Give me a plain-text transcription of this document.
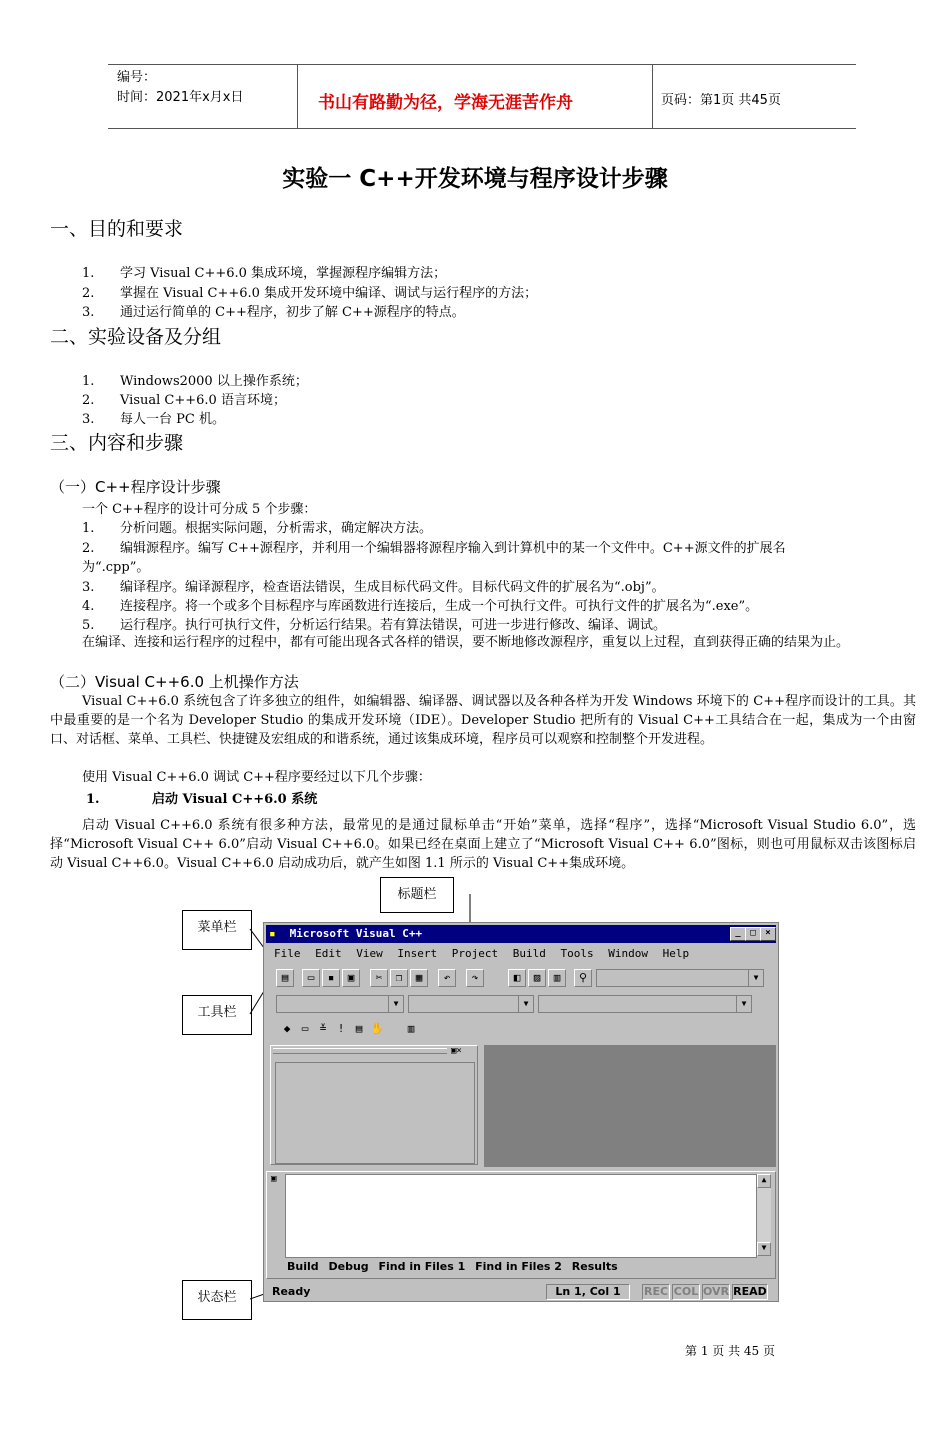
编号：
时间：2021年x月x日	书山有路勤为径，学海无涯苦作舟	页码：第1页 共45页
实验一 C++开发环境与程序设计步骤
一、目的和要求
1. 学习 Visual C++6.0 集成环境，掌握源程序编辑方法；
2. 掌握在 Visual C++6.0 集成开发环境中编译、调试与运行程序的方法；
3. 通过运行简单的 C++程序，初步了解 C++源程序的特点。
二、实验设备及分组
1. Windows2000 以上操作系统；
2. Visual C++6.0 语言环境；
3. 每人一台 PC 机。
三、内容和步骤
（一）C++程序设计步骤
一个 C++程序的设计可分成 5 个步骤：
1. 分析问题。根据实际问题，分析需求，确定解决方法。
2. 编辑源程序。编写 C++源程序，并利用一个编辑器将源程序输入到计算机中的某一个文件中。C++源文件的扩展名
为“.cpp”。
3. 编译程序。编译源程序，检查语法错误，生成目标代码文件。目标代码文件的扩展名为“.obj”。
4. 连接程序。将一个或多个目标程序与库函数进行连接后，生成一个可执行文件。可执行文件的扩展名为“.exe”。
5. 运行程序。执行可执行文件，分析运行结果。若有算法错误，可进一步进行修改、编译、调试。
在编译、连接和运行程序的过程中，都有可能出现各式各样的错误，要不断地修改源程序，重复以上过程，直到获得正确的结果为止。
（二）Visual C++6.0 上机操作方法
Visual C++6.0 系统包含了许多独立的组件，如编辑器、编译器、调试器以及各种各样为开发 Windows 环境下的 C++程序而设计的工具。其中最重要的是一个名为 Developer Studio 的集成开发环境（IDE）。Developer Studio 把所有的 Visual C++工具结合在一起，集成为一个由窗口、对话框、菜单、工具栏、快捷键及宏组成的和谐系统，通过该集成环境，程序员可以观察和控制整个开发进程。
使用 Visual C++6.0 调试 C++程序要经过以下几个步骤：
1.	启动 Visual C++6.0 系统
启动 Visual C++6.0 系统有很多种方法，最常见的是通过鼠标单击“开始”菜单，选择“程序”，选择“Microsoft Visual Studio 6.0”，选择“Microsoft Visual C++ 6.0”启动 Visual C++6.0。如果已经在桌面上建立了“Microsoft Visual C++ 6.0”图标，则也可用鼠标双击该图标启动 Visual C++6.0。Visual C++6.0 启动成功后，就产生如图 1.1 所示的 Visual C++集成环境。
标题栏
菜单栏
工具栏
状态栏
▪ Microsoft Visual C++	_	□	×
File Edit View Insert Project Build Tools Window Help
▤	▭	▪	▣	✂	❐	▦	↶	↷	◧	▨	▥	⚲	▼
▼	▼	▼
◆	▭	≚	!	▤ ✋	▥
▣×
▣	▲
▼
Build Debug Find in Files 1 Find in Files 2 Results
Ready	Ln 1, Col 1	REC COL OVR READ
第 1 页 共 45 页
